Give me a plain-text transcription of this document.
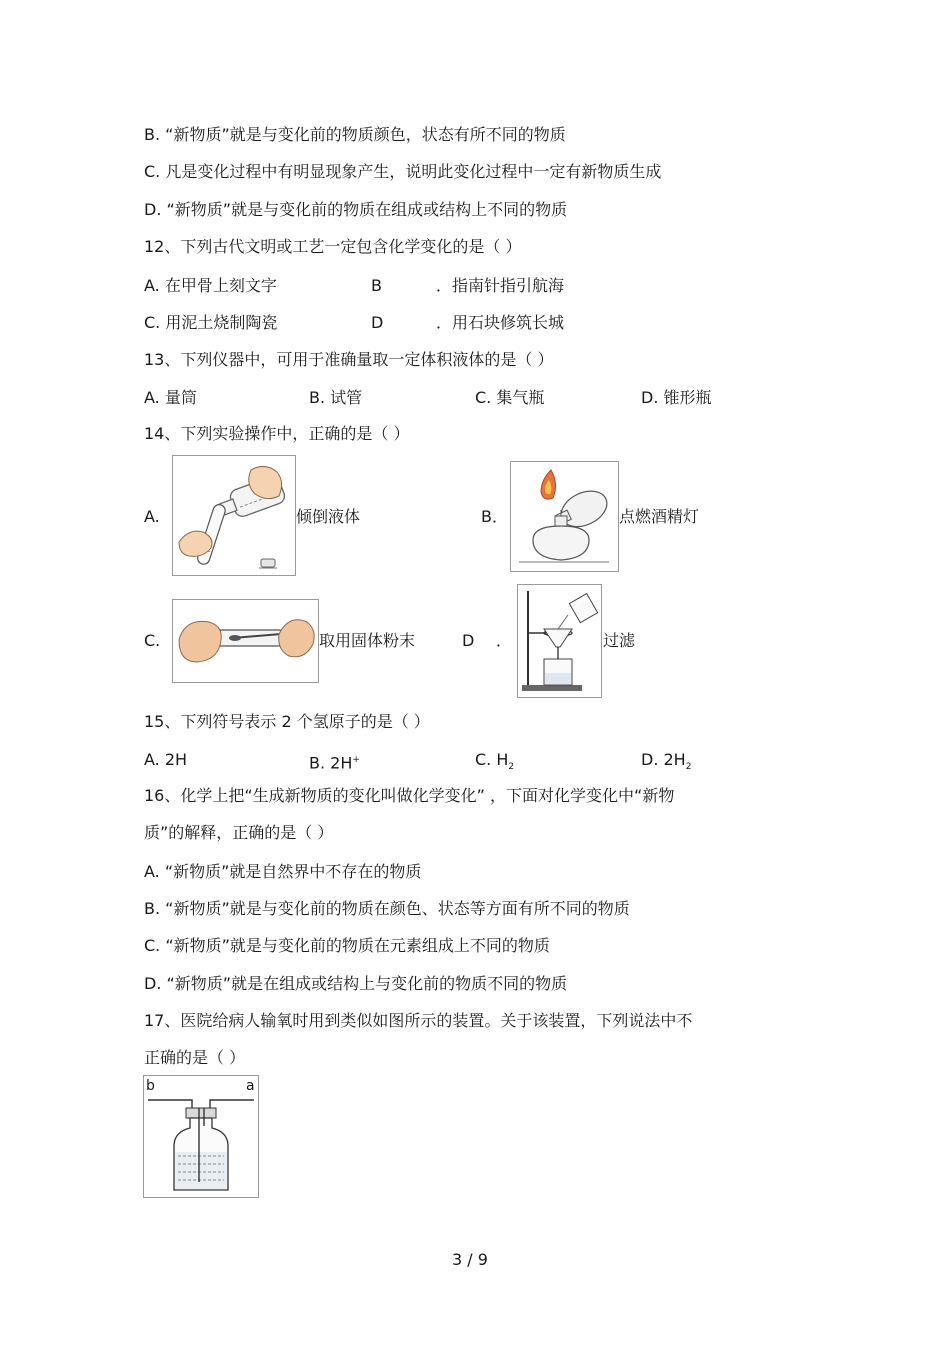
B. “新物质”就是与变化前的物质颜色，状态有所不同的物质
C. 凡是变化过程中有明显现象产生，说明此变化过程中一定有新物质生成
D. “新物质”就是与变化前的物质在组成或结构上不同的物质
12、下列古代文明或工艺一定包含化学变化的是（ ）
A. 在甲骨上刻文字	B	．指南针指引航海
C. 用泥土烧制陶瓷	D	．用石块修筑长城
13、下列仪器中，可用于准确量取一定体积液体的是（ ）
A. 量筒	B. 试管	C. 集气瓶	D. 锥形瓶
14、下列实验操作中，正确的是（ ）
A.	倾倒液体	B．	点燃酒精灯
C.	取用固体粉末	D ．	过滤
15、下列符号表示 2 个氢原子的是（ ）
A. 2H	B. 2H+	C. $H_2$	D. $2H_2$
16、化学上把“生成新物质的变化叫做化学变化” ，下面对化学变化中“新物
质”的解释，正确的是（ ）
A. “新物质”就是自然界中不存在的物质
B. “新物质”就是与变化前的物质在颜色、状态等方面有所不同的物质
C. “新物质”就是与变化前的物质在元素组成上不同的物质
D. “新物质”就是在组成或结构上与变化前的物质不同的物质
17、医院给病人输氧时用到类似如图所示的装置。关于该装置，下列说法中不
正确的是（ ）
b	a
3 / 9
